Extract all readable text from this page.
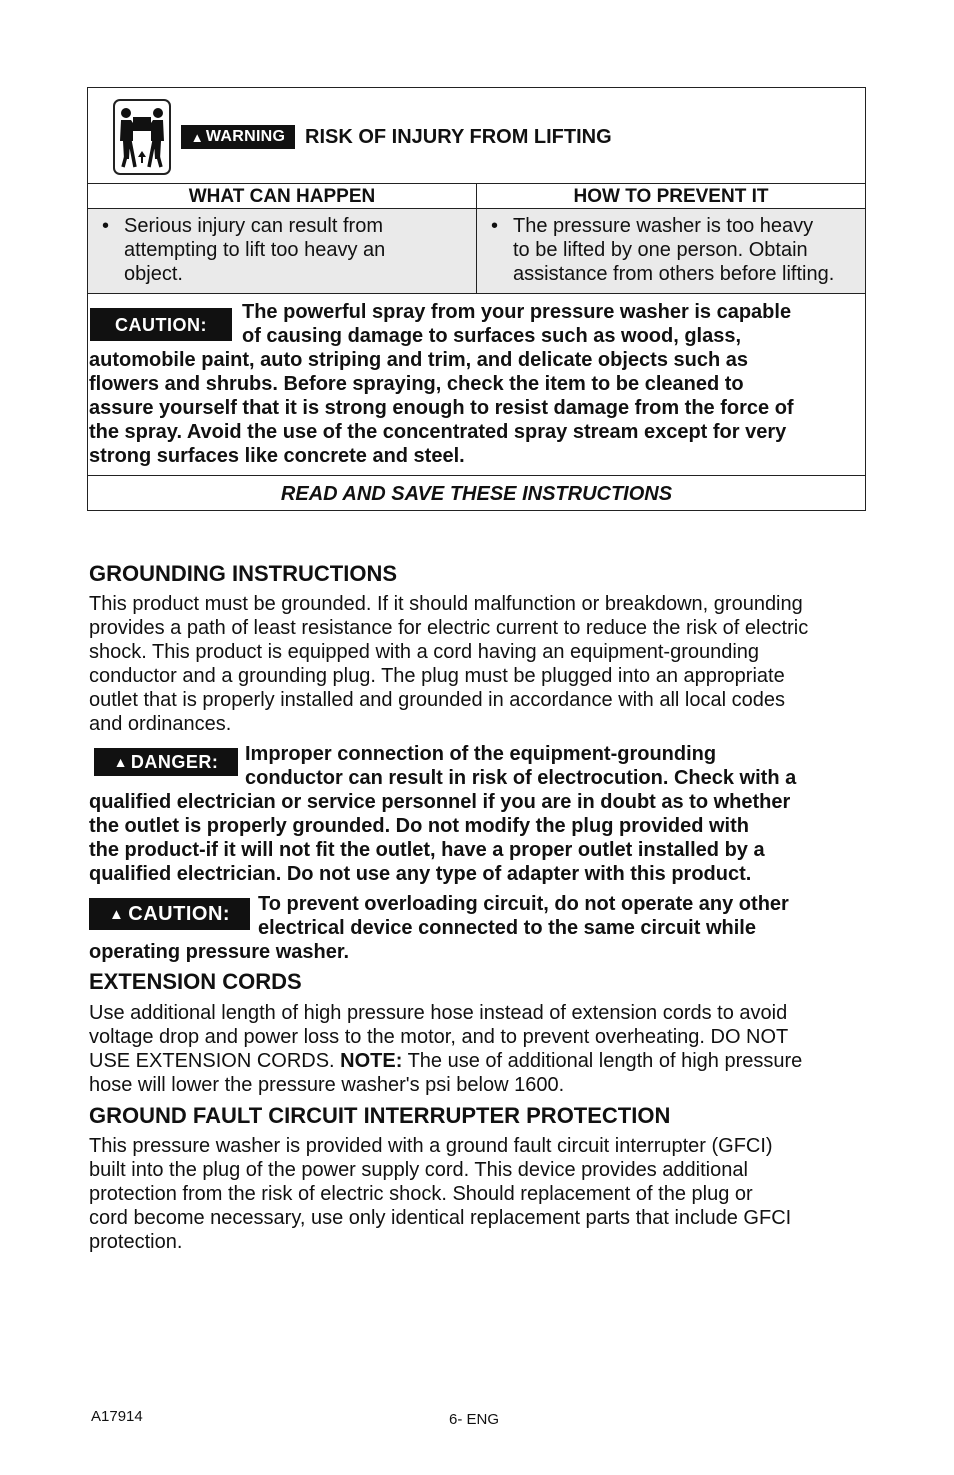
▲ WARNING RISK OF INJURY FROM LIFTING
WHAT CAN HAPPEN	HOW TO PREVENT IT
• Serious injury can result from
attempting to lift too heavy an
object.
• The pressure washer is too heavy
to be lifted by one person. Obtain
assistance from others before lifting.
CAUTION:
The powerful spray from your pressure washer is capable
of causing damage to surfaces such as wood, glass,
automobile paint, auto striping and trim, and delicate objects such as
flowers and shrubs. Before spraying, check the item to be cleaned to
assure yourself that it is strong enough to resist damage from the force of
the spray. Avoid the use of the concentrated spray stream except for very
strong surfaces like concrete and steel.
READ AND SAVE THESE INSTRUCTIONS
GROUNDING INSTRUCTIONS
This product must be grounded. If it should malfunction or breakdown, grounding
provides a path of least resistance for electric current to reduce the risk of electric
shock. This product is equipped with a cord having an equipment-grounding
conductor and a grounding plug. The plug must be plugged into an appropriate
outlet that is properly installed and grounded in accordance with all local codes
and ordinances.
▲ DANGER: Improper connection of the equipment-grounding
conductor can result in risk of electrocution. Check with a
qualified electrician or service personnel if you are in doubt as to whether
the outlet is properly grounded. Do not modify the plug provided with
the product-if it will not fit the outlet, have a proper outlet installed by a
qualified electrician. Do not use any type of adapter with this product.
▲ CAUTION: To prevent overloading circuit, do not operate any other
electrical device connected to the same circuit while
operating pressure washer.
EXTENSION CORDS
Use additional length of high pressure hose instead of extension cords to avoid
voltage drop and power loss to the motor, and to prevent overheating. DO NOT
USE EXTENSION CORDS. NOTE: The use of additional length of high pressure
hose will lower the pressure washer's psi below 1600.
GROUND FAULT CIRCUIT INTERRUPTER PROTECTION
This pressure washer is provided with a ground fault circuit interrupter (GFCI)
built into the plug of the power supply cord. This device provides additional
protection from the risk of electric shock. Should replacement of the plug or
cord become necessary, use only identical replacement parts that include GFCI
protection.
A17914	6- ENG
